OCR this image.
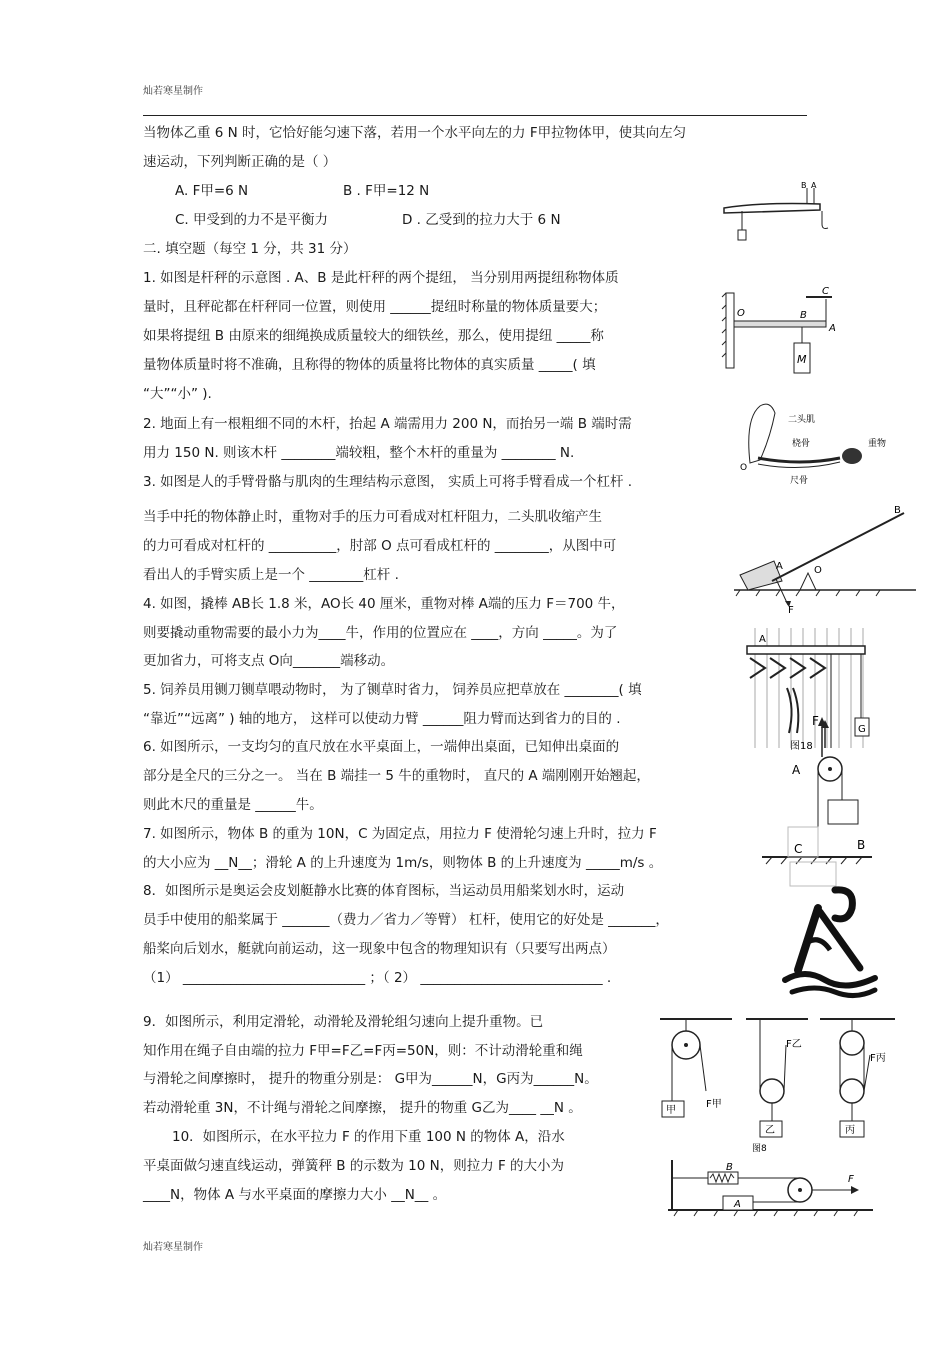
灿若寒星制作
当物体乙重 6 N 时，它恰好能匀速下落，若用一个水平向左的力 F甲拉物体甲，使其向左匀
速运动，下列判断正确的是（ ）
A. F甲=6 N	B . F甲=12 N
C. 甲受到的力不是平衡力	D . 乙受到的拉力大于 6 N
二. 填空题（每空 1 分，共 31 分）
1. 如图是杆秤的示意图 . A、B 是此杆秤的两个提纽， 当分别用两提纽称物体质
量时，且秤砣都在杆秤同一位置，则使用 ______提纽时称量的物体质量要大；
如果将提纽 B 由原来的细绳换成质量较大的细铁丝，那么，使用提纽 _____称
量物体质量时将不准确，且称得的物体的质量将比物体的真实质量 _____( 填
“大”“小” ).
2. 地面上有一根粗细不同的木杆，抬起 A 端需用力 200 N，而抬另一端 B 端时需
用力 150 N. 则该木杆 ________端较粗，整个木杆的重量为 ________ N.
3. 如图是人的手臂骨骼与肌肉的生理结构示意图， 实质上可将手臂看成一个杠杆 .
当手中托的物体静止时，重物对手的压力可看成对杠杆阻力，二头肌收缩产生
的力可看成对杠杆的 __________，肘部 O 点可看成杠杆的 ________，从图中可
看出人的手臂实质上是一个 ________杠杆 .
4. 如图，撬棒 AB长 1.8 米，AO长 40 厘米，重物对棒 A端的压力 F＝700 牛，
则要撬动重物需要的最小力为____牛，作用的位置应在 ____，方向 _____。为了
更加省力，可将支点 O向_______端移动。
5. 饲养员用铡刀铡草喂动物时， 为了铡草时省力， 饲养员应把草放在 ________( 填
“靠近”“远离” ) 轴的地方， 这样可以使动力臂 ______阻力臂而达到省力的目的 .
6. 如图所示，一支均匀的直尺放在水平桌面上，一端伸出桌面，已知伸出桌面的
部分是全尺的三分之一。 当在 B 端挂一 5 牛的重物时， 直尺的 A 端刚刚开始翘起，
则此木尺的重量是 ______牛。
7. 如图所示，物体 B 的重为 10N，C 为固定点，用拉力 F 使滑轮匀速上升时，拉力 F
的大小应为 __N__；滑轮 A 的上升速度为 1m/s，则物体 B 的上升速度为 _____m/s 。
8．如图所示是奥运会皮划艇静水比赛的体育图标，当运动员用船桨划水时，运动
员手中使用的船桨属于 _______（费力／省力／等臂） 杠杆，使用它的好处是 _______，
船桨向后划水，艇就向前运动，这一现象中包含的物理知识有（只要写出两点）
（1） ___________________________ ；（ 2） ___________________________ .
9．如图所示，利用定滑轮，动滑轮及滑轮组匀速向上提升重物。已
知作用在绳子自由端的拉力 F甲=F乙=F丙=50N，则：不计动滑轮重和绳
与滑轮之间摩擦时， 提升的物重分别是： G甲为______N，G丙为______N。
若动滑轮重 3N，不计绳与滑轮之间摩擦， 提升的物重 G乙为____ __N 。
10．如图所示，在水平拉力 F 的作用下重 100 N 的物体 A，沿水
平桌面做匀速直线运动，弹簧秤 B 的示数为 10 N，则拉力 F 的大小为
____N，物体 A 与水平桌面的摩擦力大小 __N__ 。
灿若寒星制作
B A
O	B
A
C
M
二头肌
桡骨	重物
尺骨
O
B
A	O
F
A
G
F
A
B
C
F甲
F乙
F丙
甲
乙	丙
B
A
F
图18
图8
